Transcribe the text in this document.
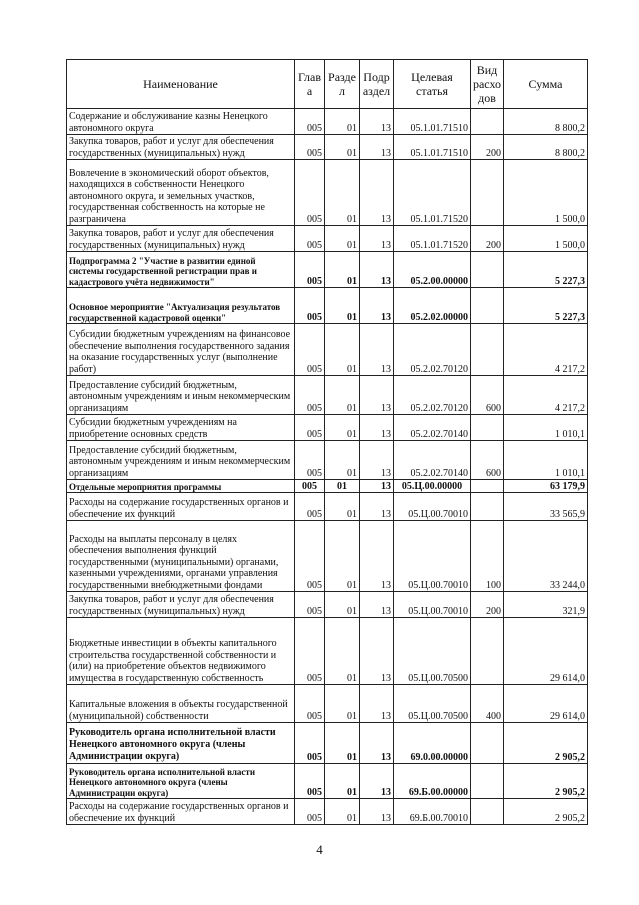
Наименование	Глав а	Разде л	Подр аздел	Целевая статья	Вид расхо дов	Сумма
Содержание и обслуживание казны Ненецкого автономного округа	005	01	13	05.1.01.71510		8 800,2
Закупка товаров, работ и услуг для обеспечения государственных (муниципальных) нужд	005	01	13	05.1.01.71510	200	8 800,2
Вовлечение в экономический оборот объектов, находящихся в собственности Ненецкого автономного округа, и земельных участков, государственная собственность на которые не разграничена	005	01	13	05.1.01.71520		1 500,0
Закупка товаров, работ и услуг для обеспечения государственных (муниципальных) нужд	005	01	13	05.1.01.71520	200	1 500,0
Подпрограмма 2 "Участие в развитии единой системы государственной регистрации прав и кадастрового учёта недвижимости"	005	01	13	05.2.00.00000		5 227,3
Основное мероприятие "Актуализация результатов государственной кадастровой оценки"	005	01	13	05.2.02.00000		5 227,3
Субсидии бюджетным учреждениям на финансовое обеспечение выполнения государственного задания на оказание государственных услуг (выполнение работ)	005	01	13	05.2.02.70120		4 217,2
Предоставление субсидий бюджетным, автономным учреждениям и иным некоммерческим организациям	005	01	13	05.2.02.70120	600	4 217,2
Субсидии бюджетным учреждениям на приобретение основных средств	005	01	13	05.2.02.70140		1 010,1
Предоставление субсидий бюджетным, автономным учреждениям и иным некоммерческим организациям	005	01	13	05.2.02.70140	600	1 010,1
Отдельные мероприятия программы	005	01	13	05.Ц.00.00000		63 179,9
Расходы на содержание государственных органов и обеспечение их функций	005	01	13	05.Ц.00.70010		33 565,9
Расходы на выплаты персоналу в целях обеспечения выполнения функций государственными (муниципальными) органами, казенными учреждениями, органами управления государственными внебюджетными фондами	005	01	13	05.Ц.00.70010	100	33 244,0
Закупка товаров, работ и услуг для обеспечения государственных (муниципальных) нужд	005	01	13	05.Ц.00.70010	200	321,9
Бюджетные инвестиции в объекты капитального строительства государственной собственности и (или) на приобретение объектов недвижимого имущества в государственную собственность	005	01	13	05.Ц.00.70500		29 614,0
Капитальные вложения в объекты государственной (муниципальной) собственности	005	01	13	05.Ц.00.70500	400	29 614,0
Руководитель органа исполнительной власти Ненецкого автономного округа (члены Администрации округа)	005	01	13	69.0.00.00000		2 905,2
Руководитель органа исполнительной власти Ненецкого автономного округа (члены Администрации округа)	005	01	13	69.Б.00.00000		2 905,2
Расходы на содержание государственных органов и обеспечение их функций	005	01	13	69.Б.00.70010		2 905,2
4
